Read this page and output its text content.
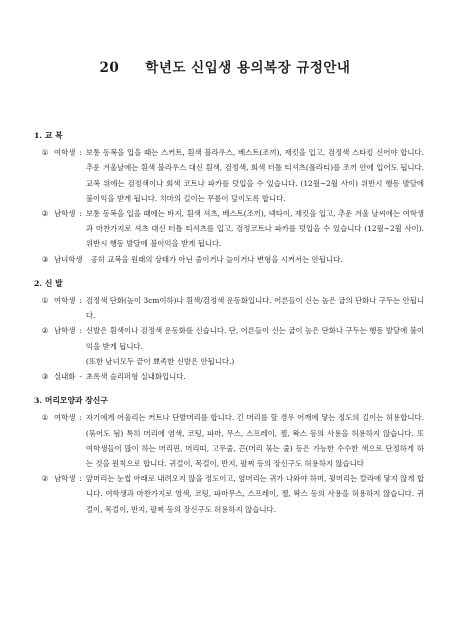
20 학년도 신입생 용의복장 규정안내
1. 교 복
① 여학생 : 보통 동복을 입을 때는 스커트, 흰색 블라우스, 베스트(조끼), 재킷을 입고, 검정색 스타킹 신어야 합니다. 추운 겨울날에는 흰색 블라우스 대신 흰색, 검정색, 회색 터틀 티셔츠(폴라티)를 조끼 안에 입어도 됩니다. 교복 위에는 검정색이나 회색 코트나 파카를 덧입을 수 있습니다. (12월~2월 사이) 위반시 행동 발달에 불이익을 받게 됩니다. 치마의 길이는 무릎이 덮이도록 합니다.
② 남학생 : 보통 동복을 입을 때에는 바지, 흰색 셔츠, 베스트(조끼), 넥타이, 재킷을 입고, 추운 겨울 날씨에는 여학생과 마찬가지로 셔츠 대신 터틀 티셔츠를 입고, 검정코트나 파카를 덧입을 수 있습니다 (12월~2월 사이). 위반시 행동 발달에 불이익을 받게 됩니다.
③ 남녀학생 공히 교복을 원래의 상태가 아닌 줄이거나 늘이거나 변형을 시켜서는 안됩니다.
2. 신 발
① 여학생 : 검정색 단화(높이 3cm이하)나 흰색/검정색 운동화입니다. 어른들이 신는 높은 굽의 단화나 구두는 안됩니다.
② 남학생 : 신발은 흰색이나 검정색 운동화를 신습니다. 단, 어른들이 신는 굽이 높은 단화나 구두는 행동 발달에 불이익을 받게 됩니다.
(또한 남녀모두 끝이 뾰족한 신발은 안됩니다.)
③ 실내화 - 초록색 슬리퍼형 실내화입니다.
3. 머리모양과 장신구
① 여학생 : 자기에게 어울리는 커트나 단발머리를 합니다. 긴 머리를 할 경우 어깨에 닿는 정도의 길이는 허용합니다.(묶어도 됨) 특히 머리에 염색, 코팅, 파마, 무스, 스프레이, 젤, 왁스 등의 사용을 허용하지 않습니다. 또 여학생들이 많이 하는 머리핀, 머리띠, 고무줄, 끈(머리 묶는 줄) 등은 가능한 수수한 색으로 단정하게 하는 것을 원칙으로 합니다. 귀걸이, 목걸이, 반지, 팔찌 등의 장신구도 허용하지 않습니다
② 남학생 : 앞머리는 눈썹 아래로 내려오지 않을 정도이고, 옆머리는 귀가 나와야 하며, 뒷머리는 칼라에 닿지 않게 합니다. 여학생과 마찬가지로 염색, 코팅, 파마무스, 스프레이, 젤, 왁스 등의 사용을 허용하지 않습니다. 귀걸이, 목걸이, 반지, 팔찌 등의 장신구도 허용하지 않습니다.
